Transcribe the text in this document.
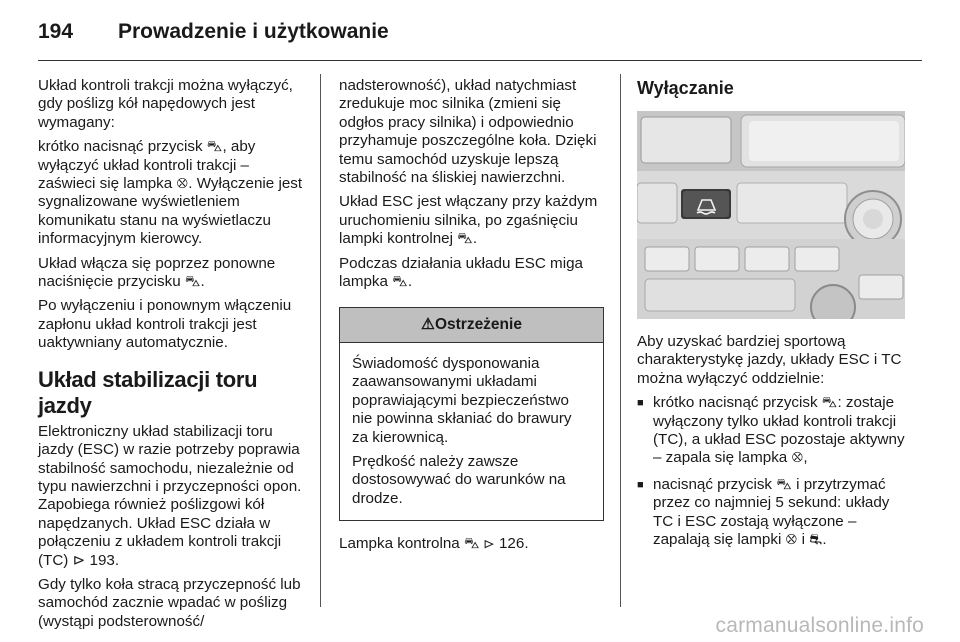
194	Prowadzenie i użytkowanie

Układ kontroli trakcji można wyłączyć, gdy poślizg kół napędowych jest wymagany:

krótko nacisnąć przycisk ⛍, aby wyłączyć układ kontroli trakcji – zaświeci się lampka ⛒. Wyłączenie jest sygnalizowane wyświetleniem komunikatu stanu na wyświetlaczu informacyjnym kierowcy.

Układ włącza się poprzez ponowne naciśnięcie przycisku ⛍.

Po wyłączeniu i ponownym włączeniu zapłonu układ kontroli trakcji jest uaktywniany automatycznie.

Układ stabilizacji toru jazdy

Elektroniczny układ stabilizacji toru jazdy (ESC) w razie potrzeby poprawia stabilność samochodu, niezależnie od typu nawierzchni i przyczepności opon. Zapobiega również poślizgowi kół napędzanych. Układ ESC działa w połączeniu z układem kontroli trakcji (TC) ⊳ 193.

Gdy tylko koła stracą przyczepność lub samochód zacznie wpadać w poślizg (wystąpi podsterowność/

nadsterowność), układ natychmiast zredukuje moc silnika (zmieni się odgłos pracy silnika) i odpowiednio przyhamuje poszczególne koła. Dzięki temu samochód uzyskuje lepszą stabilność na śliskiej nawierzchni.

Układ ESC jest włączany przy każdym uruchomieniu silnika, po zgaśnięciu lampki kontrolnej ⛍.

Podczas działania układu ESC miga lampka ⛍.

⚠Ostrzeżenie

Świadomość dysponowania zaawansowanymi układami poprawiającymi bezpieczeństwo nie powinna skłaniać do brawury za kierownicą.

Prędkość należy zawsze dostosowywać do warunków na drodze.

Lampka kontrolna ⛍ ⊳ 126.

Wyłączanie

Aby uzyskać bardziej sportową charakterystykę jazdy, układy ESC i TC można wyłączyć oddzielnie:

■ krótko nacisnąć przycisk ⛍: zostaje wyłączony tylko układ kontroli trakcji (TC), a układ ESC pozostaje aktywny – zapala się lampka ⛒,
■ nacisnąć przycisk ⛍ i przytrzymać przez co najmniej 5 sekund: układy TC i ESC zostają wyłączone – zapalają się lampki ⛒ i ⛐.
carmanualsonline.info
